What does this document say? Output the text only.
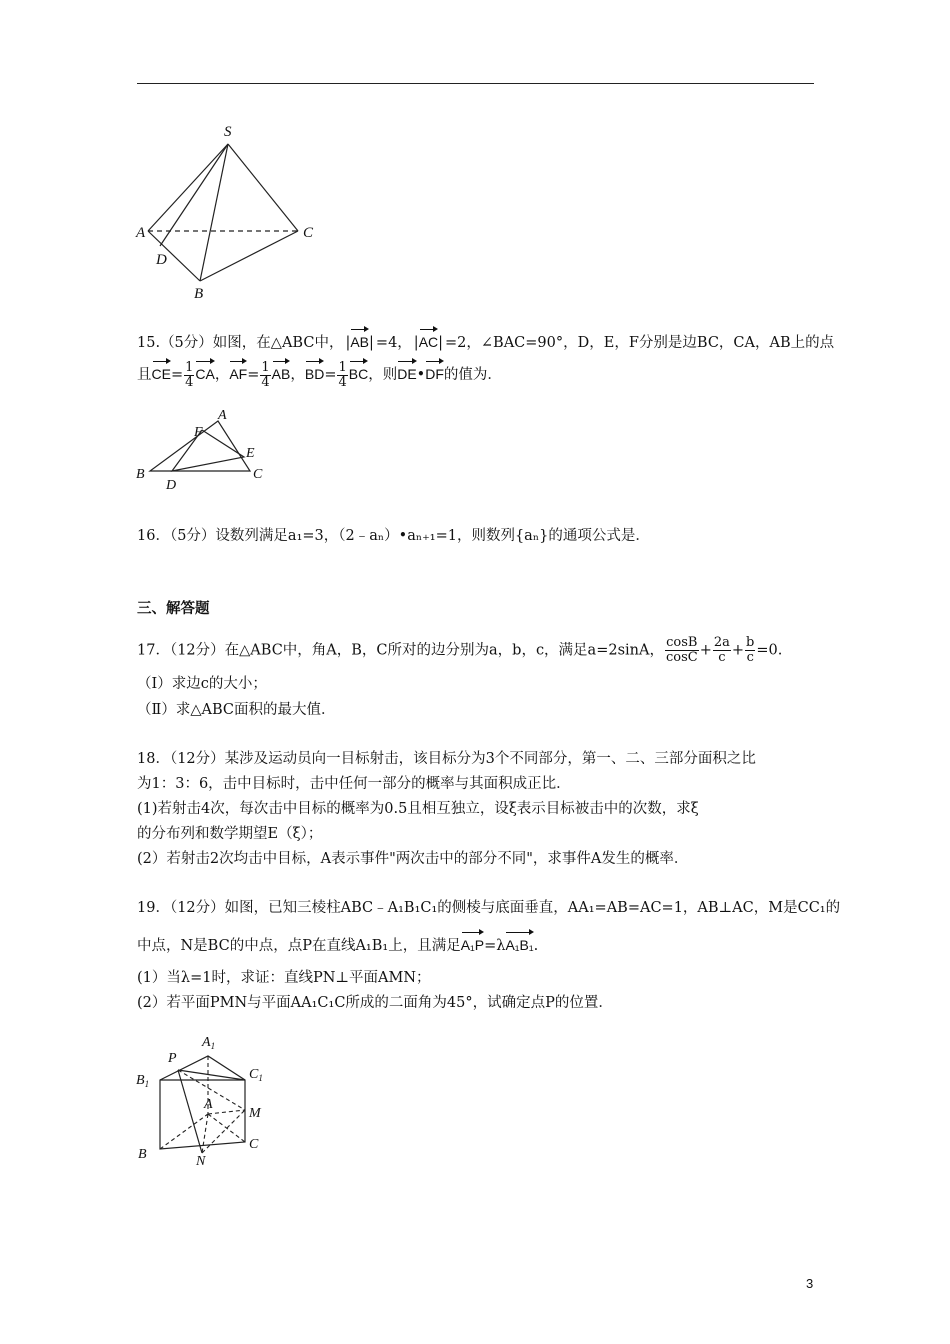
S
A	C
D
B
15.（5分）如图，在△ABC中， |AB| =4， |AC| =2，∠BAC=90°，D，E，F分别是边BC，CA，AB上的点
且$CE= \frac{1}{4}$ CA，$AF= \frac{1}{4}$ AB，$BD= \frac{1}{4}$ BC，则DE•DF的值为．
A
F
E
B	C
D
16．（5分）设数列满足a₁=3，（2﹣aₙ）•aₙ₊₁=1，则数列{aₙ}的通项公式是．
三、解答题
17．（12分）在△ABC中，角A，B，C所对的边分别为a，b，c，满足a=2sinA， $\frac{\cos B}{\cos C} + \frac{2a}{c} + \frac{b}{c} =0$.
（Ⅰ）求边c的大小；
（Ⅱ）求△ABC面积的最大值．
18．（12分）某涉及运动员向一目标射击，该目标分为3个不同部分，第一、二、三部分面积之比
为1：3：6，击中目标时，击中任何一部分的概率与其面积成正比．
(1)若射击4次，每次击中目标的概率为0.5且相互独立，设ξ表示目标被击中的次数，求ξ
的分布列和数学期望E（ξ）；
(2）若射击2次均击中目标，A表示事件"两次击中的部分不同"，求事件A发生的概率．
19．（12分）如图，已知三棱柱ABC﹣A₁B₁C₁的侧棱与底面垂直，AA₁=AB=AC=1，AB⊥AC，M是CC₁的
中点，N是BC的中点，点P在直线A₁B₁上，且满足A₁P=λA₁B₁.
(1）当λ=1时，求证：直线PN⊥平面AMN；
(2）若平面PMN与平面AA₁C₁C所成的二面角为45°，试确定点P的位置．
$A_1$
P
$B_1$
$C_1$
A
M
C
B	N
3
